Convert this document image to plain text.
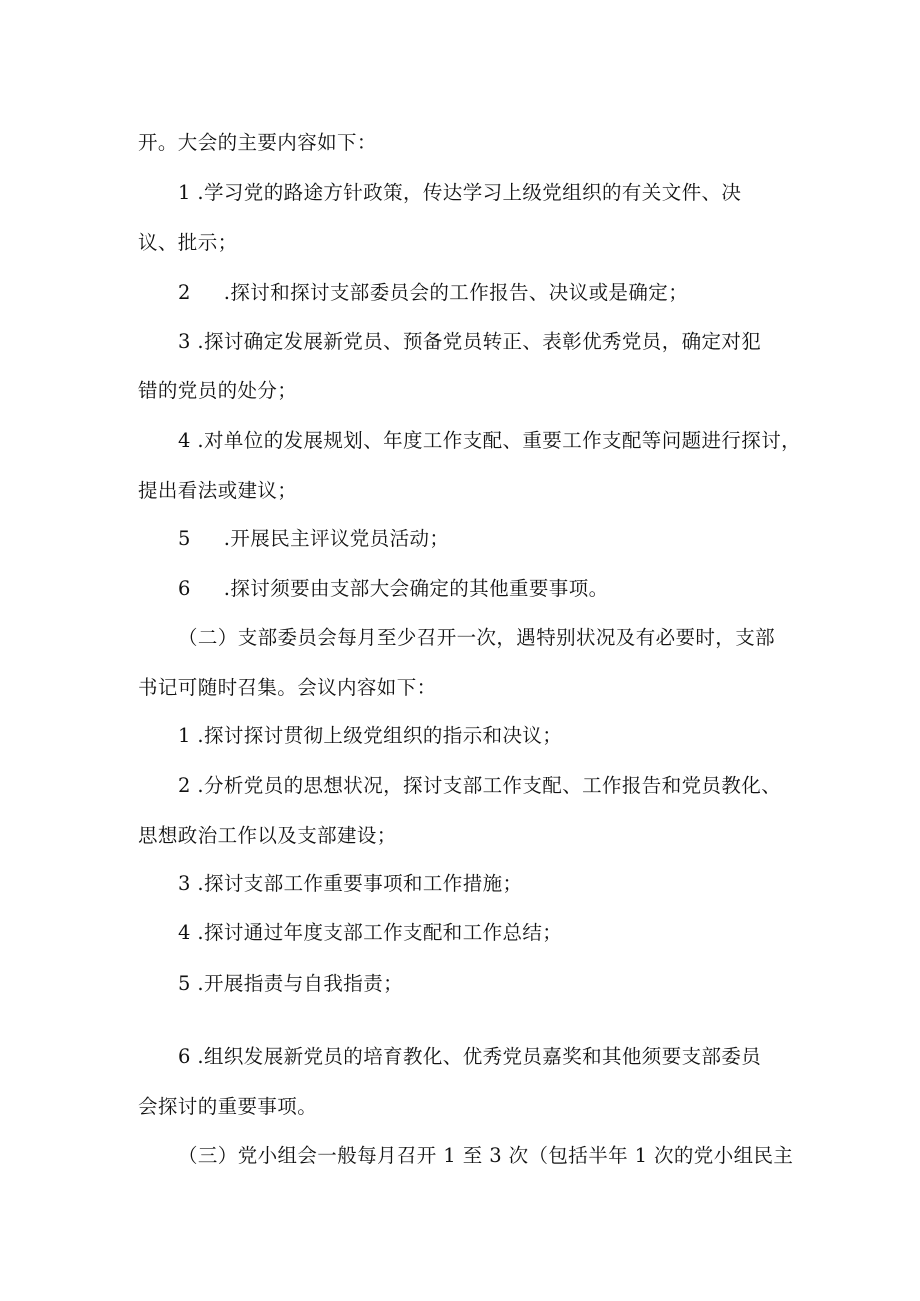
开。大会的主要内容如下：
1 .学习党的路途方针政策，传达学习上级党组织的有关文件、决
议、批示；
2     .探讨和探讨支部委员会的工作报告、决议或是确定；
3 .探讨确定发展新党员、预备党员转正、表彰优秀党员，确定对犯
错的党员的处分；
4 .对单位的发展规划、年度工作支配、重要工作支配等问题进行探讨，
提出看法或建议；
5     .开展民主评议党员活动；
6     .探讨须要由支部大会确定的其他重要事项。
（二）支部委员会每月至少召开一次，遇特别状况及有必要时，支部
书记可随时召集。会议内容如下：
1 .探讨探讨贯彻上级党组织的指示和决议；
2 .分析党员的思想状况，探讨支部工作支配、工作报告和党员教化、
思想政治工作以及支部建设；
3 .探讨支部工作重要事项和工作措施；
4 .探讨通过年度支部工作支配和工作总结；
5 .开展指责与自我指责；
6 .组织发展新党员的培育教化、优秀党员嘉奖和其他须要支部委员
会探讨的重要事项。
（三）党小组会一般每月召开 1 至 3 次（包括半年 1 次的党小组民主
